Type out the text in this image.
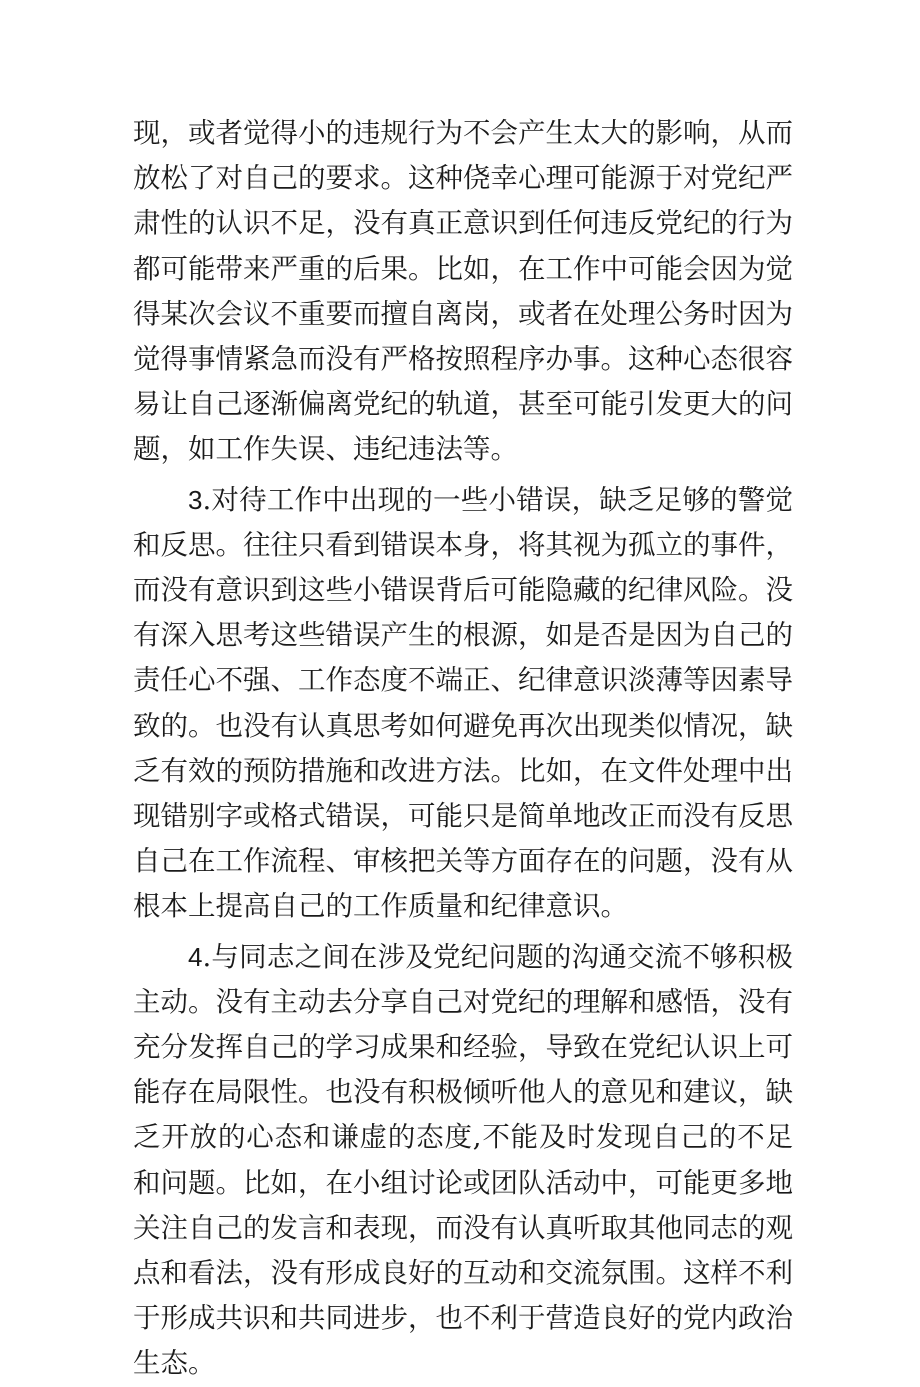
现，或者觉得小的违规行为不会产生太大的影响，从而放松了对自己的要求。这种侥幸心理可能源于对党纪严肃性的认识不足，没有真正意识到任何违反党纪的行为都可能带来严重的后果。比如，在工作中可能会因为觉得某次会议不重要而擅自离岗，或者在处理公务时因为觉得事情紧急而没有严格按照程序办事。这种心态很容易让自己逐渐偏离党纪的轨道，甚至可能引发更大的问题，如工作失误、违纪违法等。

3.对待工作中出现的一些小错误，缺乏足够的警觉和反思。往往只看到错误本身，将其视为孤立的事件，而没有意识到这些小错误背后可能隐藏的纪律风险。没有深入思考这些错误产生的根源，如是否是因为自己的责任心不强、工作态度不端正、纪律意识淡薄等因素导致的。也没有认真思考如何避免再次出现类似情况，缺乏有效的预防措施和改进方法。比如，在文件处理中出现错别字或格式错误，可能只是简单地改正而没有反思自己在工作流程、审核把关等方面存在的问题，没有从根本上提高自己的工作质量和纪律意识。

4.与同志之间在涉及党纪问题的沟通交流不够积极主动。没有主动去分享自己对党纪的理解和感悟，没有充分发挥自己的学习成果和经验，导致在党纪认识上可能存在局限性。也没有积极倾听他人的意见和建议，缺乏开放的心态和谦虚的态度,不能及时发现自己的不足和问题。比如，在小组讨论或团队活动中，可能更多地关注自己的发言和表现，而没有认真听取其他同志的观点和看法，没有形成良好的互动和交流氛围。这样不利于形成共识和共同进步，也不利于营造良好的党内政治生态。
